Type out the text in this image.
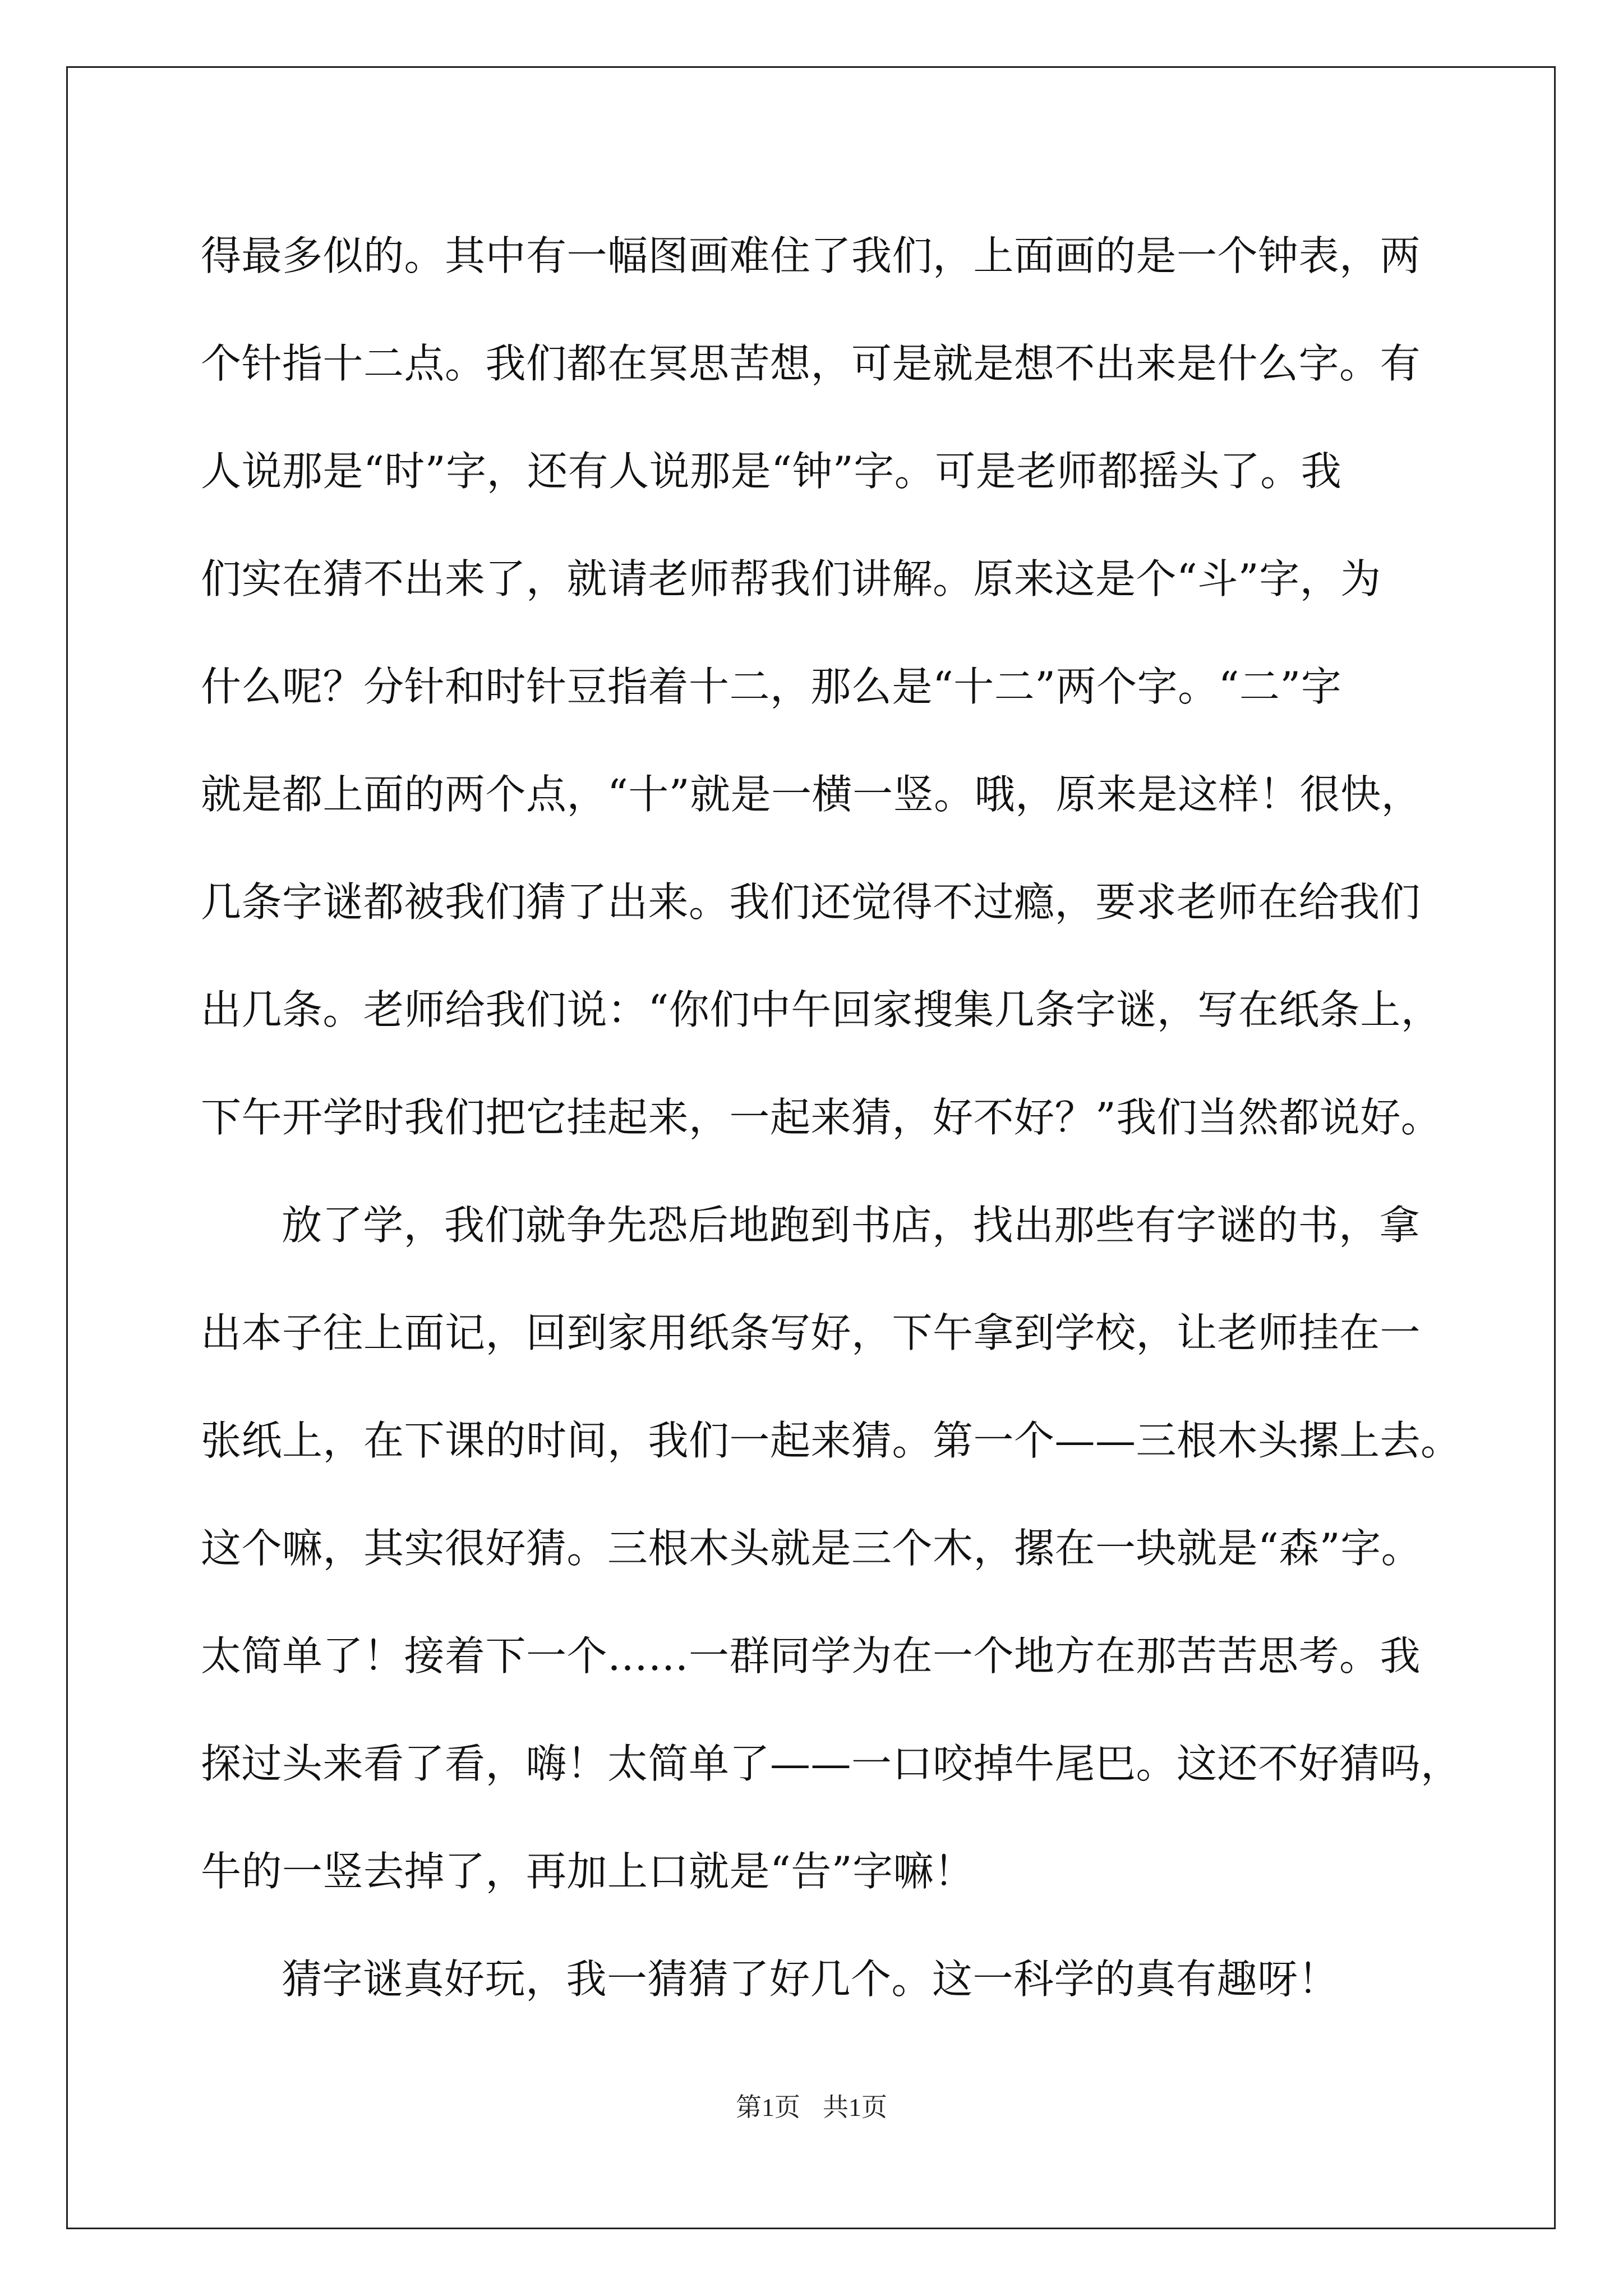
得最多似的。其中有一幅图画难住了我们，上面画的是一个钟表，两

个针指十二点。我们都在冥思苦想，可是就是想不出来是什么字。有

人说那是“时”字，还有人说那是“钟”字。可是老师都摇头了。我

们实在猜不出来了，就请老师帮我们讲解。原来这是个“斗”字，为

什么呢？分针和时针豆指着十二，那么是“十二”两个字。“二”字

就是都上面的两个点，“十”就是一横一竖。哦，原来是这样！很快，

几条字谜都被我们猜了出来。我们还觉得不过瘾，要求老师在给我们

出几条。老师给我们说：“你们中午回家搜集几条字谜，写在纸条上，

下午开学时我们把它挂起来，一起来猜，好不好？”我们当然都说好。

放了学，我们就争先恐后地跑到书店，找出那些有字谜的书，拿

出本子往上面记，回到家用纸条写好，下午拿到学校，让老师挂在一

张纸上，在下课的时间，我们一起来猜。第一个——三根木头摞上去。

这个嘛，其实很好猜。三根木头就是三个木，摞在一块就是“森”字。

太简单了！接着下一个……一群同学为在一个地方在那苦苦思考。我

探过头来看了看，嗨！太简单了——一口咬掉牛尾巴。这还不好猜吗，

牛的一竖去掉了，再加上口就是“告”字嘛！

猜字谜真好玩，我一猜猜了好几个。这一科学的真有趣呀！

第1页 共1页
